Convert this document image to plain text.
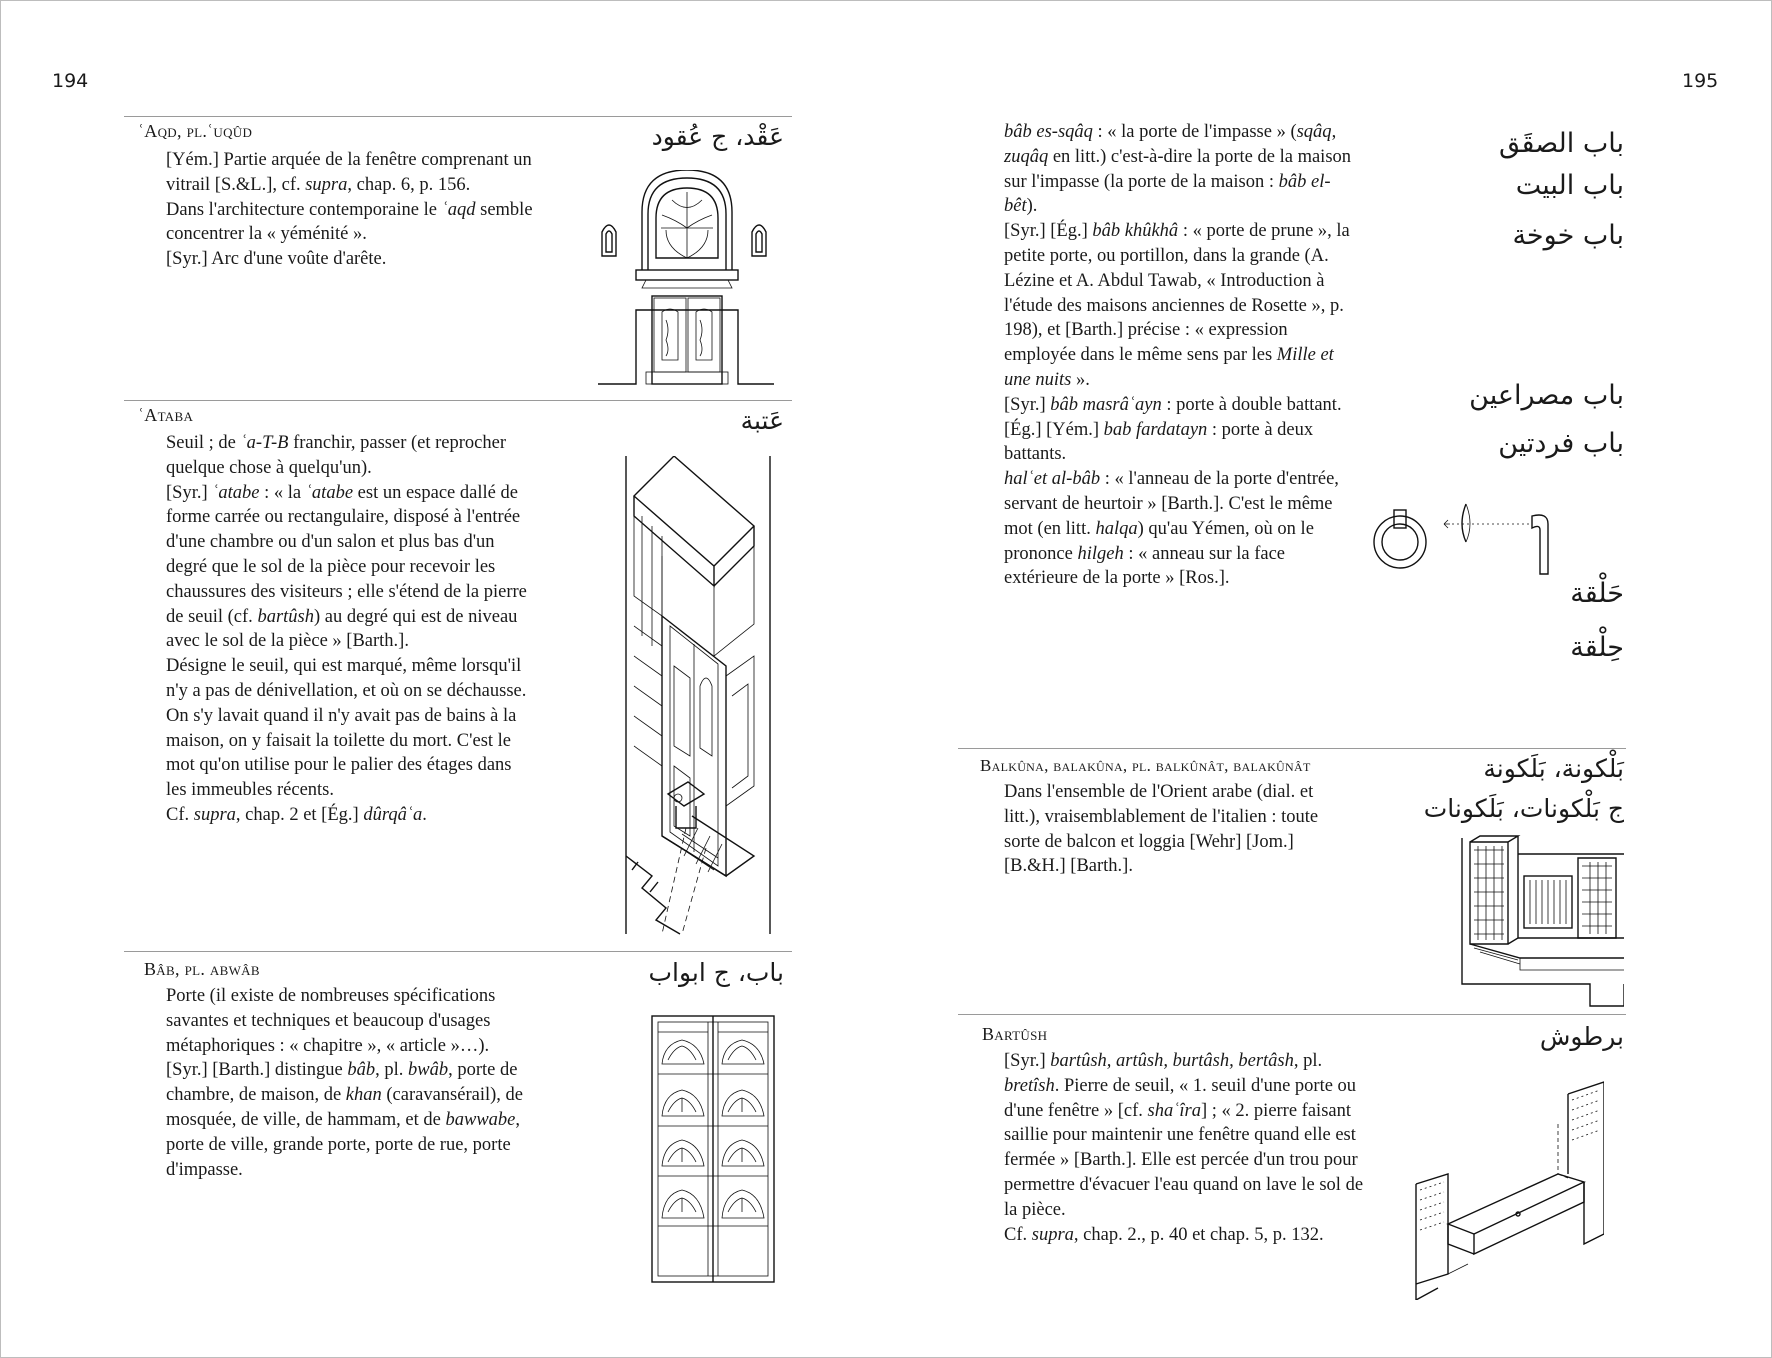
194	195
ʿAqd, pl.ʿuqûd	عَقْد، ج عُقود

[Yém.] Partie arquée de la fenêtre comprenant un vitrail [S.&L.], cf. supra, chap. 6, p. 156.

Dans l'architecture contemporaine le ʿaqd semble concentrer la « yéménité ».

[Syr.] Arc d'une voûte d'arête.

ʿAtaba	عَتبة

Seuil ; de ʿa-T-B franchir, passer (et reprocher quelque chose à quelqu'un).

[Syr.] ʿatabe : « la ʿatabe est un espace dallé de forme carrée ou rectangulaire, disposé à l'entrée d'une chambre ou d'un salon et plus bas d'un degré que le sol de la pièce pour recevoir les chaussures des visiteurs ; elle s'étend de la pierre de seuil (cf. bartûsh) au degré qui est de niveau avec le sol de la pièce » [Barth.].

Désigne le seuil, qui est marqué, même lorsqu'il n'y a pas de dénivellation, et où on se déchausse. On s'y lavait quand il n'y avait pas de bains à la maison, on y faisait la toilette du mort. C'est le mot qu'on utilise pour le palier des étages dans les immeubles récents.

Cf. supra, chap. 2 et [Ég.] dûrqâʿa.

Bâb, pl. abwâb	باب، ج ابواب

Porte (il existe de nombreuses spécifications savantes et techniques et beaucoup d'usages métaphoriques : « chapitre », « article »…).

[Syr.] [Barth.] distingue bâb, pl. bwâb, porte de chambre, de maison, de khan (caravansérail), de mosquée, de ville, de hammam, et de bawwabe, porte de ville, grande porte, porte de rue, porte d'impasse.

bâb es-sqâq : « la porte de l'impasse » (sqâq, zuqâq en litt.) c'est-à-dire la porte de la maison sur l'impasse (la porte de la maison : bâb el-bêt).

[Syr.] [Ég.] bâb khûkhâ : « porte de prune », la petite porte, ou portillon, dans la grande (A. Lézine et A. Abdul Tawab, « Introduction à l'étude des maisons anciennes de Rosette », p. 198), et [Barth.] précise : « expression employée dans le même sens par les Mille et une nuits ».

[Syr.] bâb masrâʿayn : porte à double battant.

[Ég.] [Yém.] bab fardatayn : porte à deux battants.

halʿet al-bâb : « l'anneau de la porte d'entrée, servant de heurtoir » [Barth.]. C'est le même mot (en litt. halqa) qu'au Yémen, où on le prononce hilgeh : « anneau sur la face extérieure de la porte » [Ros.].

باب الصقَق
باب البيت
باب خوخة
باب مصراعين
باب فردتين
حَلْقة
حِلْقة
Balkûna, balakûna, pl. balkûnât, balakûnât	بَلْكونة، بَلَكونة
ج بَلْكونات، بَلَكونات

Dans l'ensemble de l'Orient arabe (dial. et litt.), vraisemblablement de l'italien : toute sorte de balcon et loggia [Wehr] [Jom.] [B.&H.] [Barth.].

Bartûsh	برطوش

[Syr.] bartûsh, artûsh, burtâsh, bertâsh, pl. bretîsh. Pierre de seuil, « 1. seuil d'une porte ou d'une fenêtre » [cf. shaʿîra] ; « 2. pierre faisant saillie pour maintenir une fenêtre quand elle est fermée » [Barth.]. Elle est percée d'un trou pour permettre d'évacuer l'eau quand on lave le sol de la pièce.

Cf. supra, chap. 2., p. 40 et chap. 5, p. 132.
